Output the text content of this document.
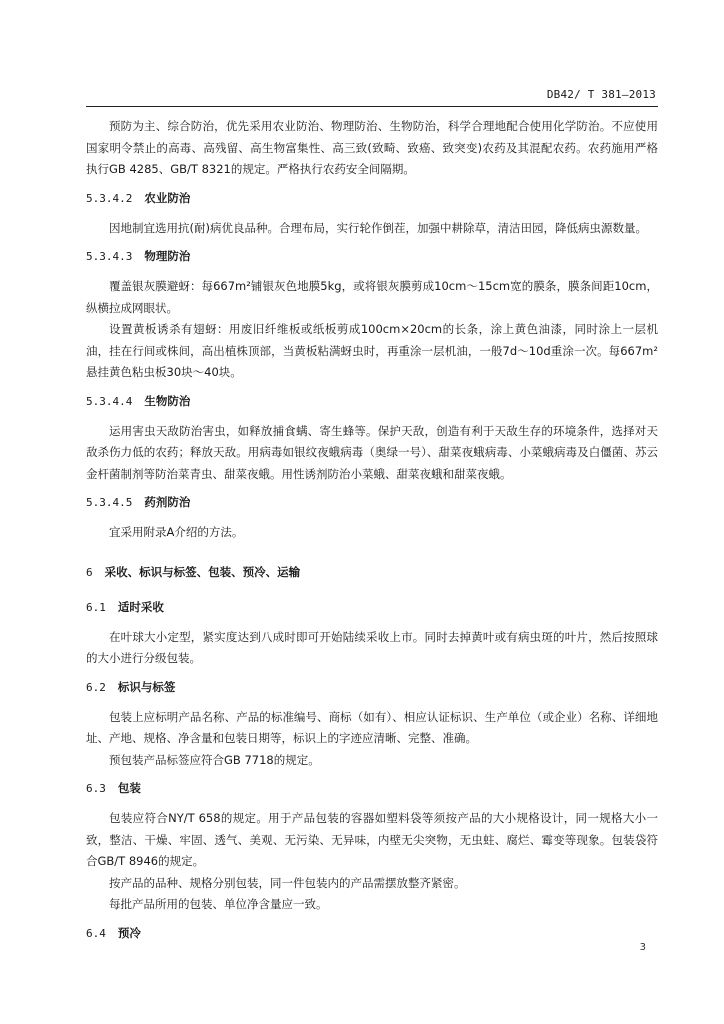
DB42/ T 381—2013

预防为主、综合防治，优先采用农业防治、物理防治、生物防治，科学合理地配合使用化学防治。不应使用国家明令禁止的高毒、高残留、高生物富集性、高三致(致畸、致癌、致突变)农药及其混配农药。农药施用严格执行GB 4285、GB/T 8321的规定。严格执行农药安全间隔期。

5.3.4.2 农业防治

因地制宜选用抗(耐)病优良品种。合理布局，实行轮作倒茬，加强中耕除草，清洁田园，降低病虫源数量。

5.3.4.3 物理防治

覆盖银灰膜避蚜：每667m²铺银灰色地膜5kg，或将银灰膜剪成10cm～15cm宽的膜条，膜条间距10cm，纵横拉成网眼状。

设置黄板诱杀有翅蚜：用废旧纤维板或纸板剪成100cm×20cm的长条，涂上黄色油漆，同时涂上一层机油，挂在行间或株间，高出植株顶部，当黄板粘满蚜虫时，再重涂一层机油，一般7d～10d重涂一次。每667m²悬挂黄色粘虫板30块～40块。

5.3.4.4 生物防治

运用害虫天敌防治害虫，如释放捕食螨、寄生蜂等。保护天敌，创造有利于天敌生存的环境条件，选择对天敌杀伤力低的农药；释放天敌。用病毒如银纹夜蛾病毒（奥绿一号）、甜菜夜蛾病毒、小菜蛾病毒及白僵菌、苏云金杆菌制剂等防治菜青虫、甜菜夜蛾。用性诱剂防治小菜蛾、甜菜夜蛾和甜菜夜蛾。

5.3.4.5 药剂防治

宜采用附录A介绍的方法。

6 采收、标识与标签、包装、预冷、运输
6.1 适时采收

在叶球大小定型，紧实度达到八成时即可开始陆续采收上市。同时去掉黄叶或有病虫斑的叶片，然后按照球的大小进行分级包装。

6.2 标识与标签

包装上应标明产品名称、产品的标准编号、商标（如有）、相应认证标识、生产单位（或企业）名称、详细地址、产地、规格、净含量和包装日期等，标识上的字迹应清晰、完整、准确。

预包装产品标签应符合GB 7718的规定。

6.3 包装

包装应符合NY/T 658的规定。用于产品包装的容器如塑料袋等须按产品的大小规格设计，同一规格大小一致，整洁、干燥、牢固、透气、美观、无污染、无异味，内壁无尖突物，无虫蛀、腐烂、霉变等现象。包装袋符合GB/T 8946的规定。

按产品的品种、规格分别包装，同一件包装内的产品需摆放整齐紧密。

每批产品所用的包装、单位净含量应一致。

6.4 预冷
3
